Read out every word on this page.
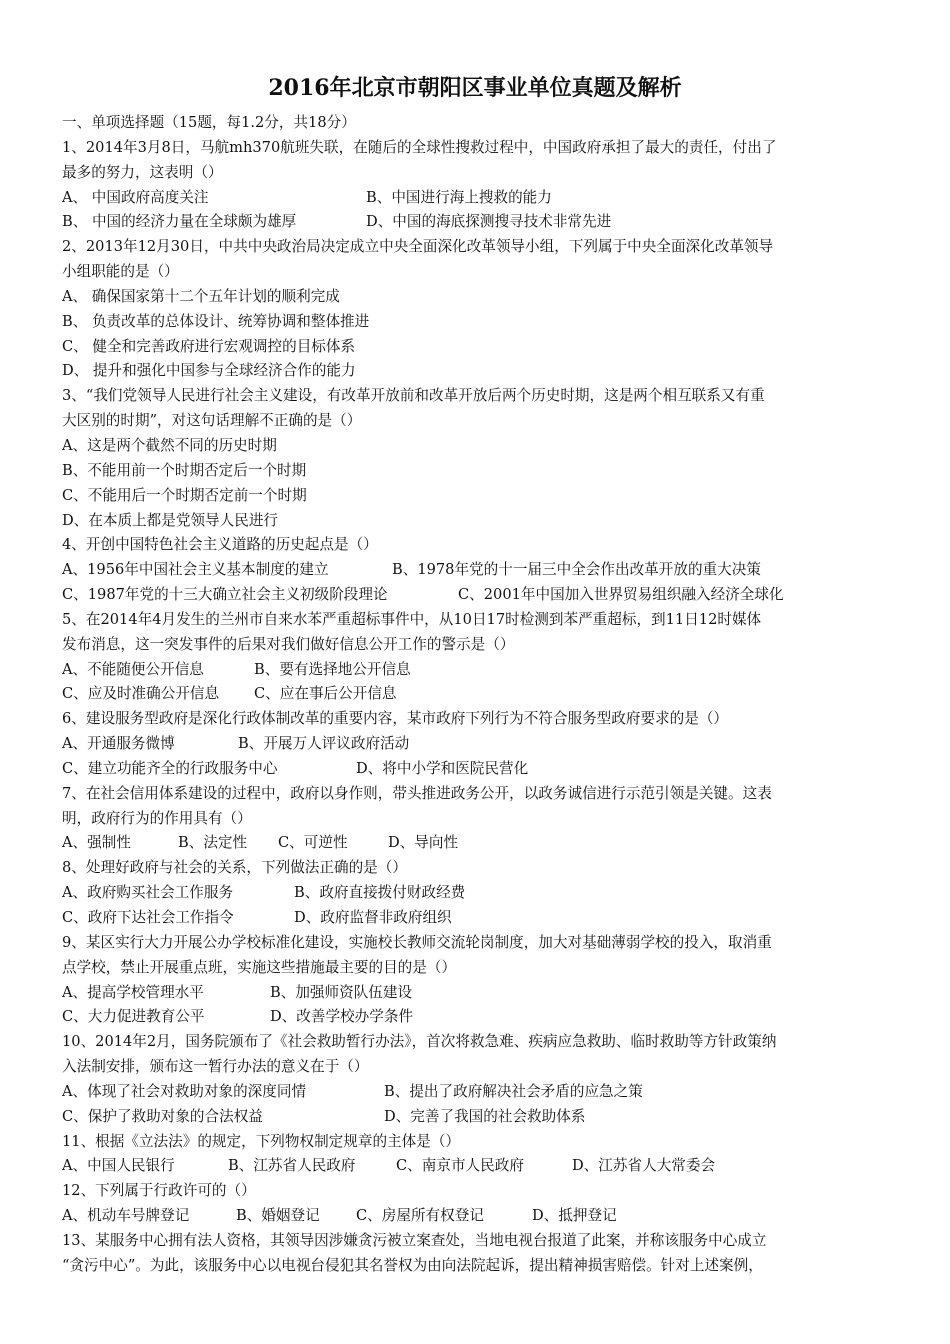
2016年北京市朝阳区事业单位真题及解析
一、单项选择题（15题，每1.2分，共18分）
1、2014年3月8日，马航mh370航班失联，在随后的全球性搜救过程中，中国政府承担了最大的责任，付出了
最多的努力，这表明（）
A、 中国政府高度关注	B、中国进行海上搜救的能力
B、 中国的经济力量在全球颇为雄厚	D、中国的海底探测搜寻技术非常先进
2、2013年12月30日，中共中央政治局决定成立中央全面深化改革领导小组，下列属于中央全面深化改革领导
小组职能的是（）
A、 确保国家第十二个五年计划的顺利完成
B、 负责改革的总体设计、统筹协调和整体推进
C、 健全和完善政府进行宏观调控的目标体系
D、 提升和强化中国参与全球经济合作的能力
3、“我们党领导人民进行社会主义建设，有改革开放前和改革开放后两个历史时期，这是两个相互联系又有重
大区别的时期”，对这句话理解不正确的是（）
A、这是两个截然不同的历史时期
B、不能用前一个时期否定后一个时期
C、不能用后一个时期否定前一个时期
D、在本质上都是党领导人民进行
4、开创中国特色社会主义道路的历史起点是（）
A、1956年中国社会主义基本制度的建立	B、1978年党的十一届三中全会作出改革开放的重大决策
C、1987年党的十三大确立社会主义初级阶段理论	C、2001年中国加入世界贸易组织融入经济全球化
5、在2014年4月发生的兰州市自来水苯严重超标事件中，从10日17时检测到苯严重超标，到11日12时媒体
发布消息，这一突发事件的后果对我们做好信息公开工作的警示是（）
A、不能随便公开信息	B、要有选择地公开信息
C、应及时准确公开信息 C、应在事后公开信息
6、建设服务型政府是深化行政体制改革的重要内容，某市政府下列行为不符合服务型政府要求的是（）
A、开通服务微博	B、开展万人评议政府活动
C、建立功能齐全的行政服务中心	D、将中小学和医院民营化
7、在社会信用体系建设的过程中，政府以身作则，带头推进政务公开，以政务诚信进行示范引领是关键。这表
明，政府行为的作用具有（）
A、强制性	B、法定性 C、可逆性	D、导向性
8、处理好政府与社会的关系，下列做法正确的是（）
A、政府购买社会工作服务	B、政府直接拨付财政经费
C、政府下达社会工作指令	D、政府监督非政府组织
9、某区实行大力开展公办学校标准化建设，实施校长教师交流轮岗制度，加大对基础薄弱学校的投入，取消重
点学校，禁止开展重点班，实施这些措施最主要的目的是（）
A、提高学校管理水平	B、加强师资队伍建设
C、大力促进教育公平	D、改善学校办学条件
10、2014年2月，国务院颁布了《社会救助暂行办法》，首次将救急难、疾病应急救助、临时救助等方针政策纳
入法制安排，颁布这一暂行办法的意义在于（）
A、体现了社会对救助对象的深度同情	B、提出了政府解决社会矛盾的应急之策
C、保护了救助对象的合法权益	D、完善了我国的社会救助体系
11、根据《立法法》的规定，下列物权制定规章的主体是（）
A、中国人民银行	B、江苏省人民政府	C、南京市人民政府	D、江苏省人大常委会
12、下列属于行政许可的（）
A、机动车号牌登记	B、婚姻登记 C、房屋所有权登记	D、抵押登记
13、某服务中心拥有法人资格，其领导因涉嫌贪污被立案查处，当地电视台报道了此案，并称该服务中心成立
“贪污中心”。为此，该服务中心以电视台侵犯其名誉权为由向法院起诉，提出精神损害赔偿。针对上述案例，
